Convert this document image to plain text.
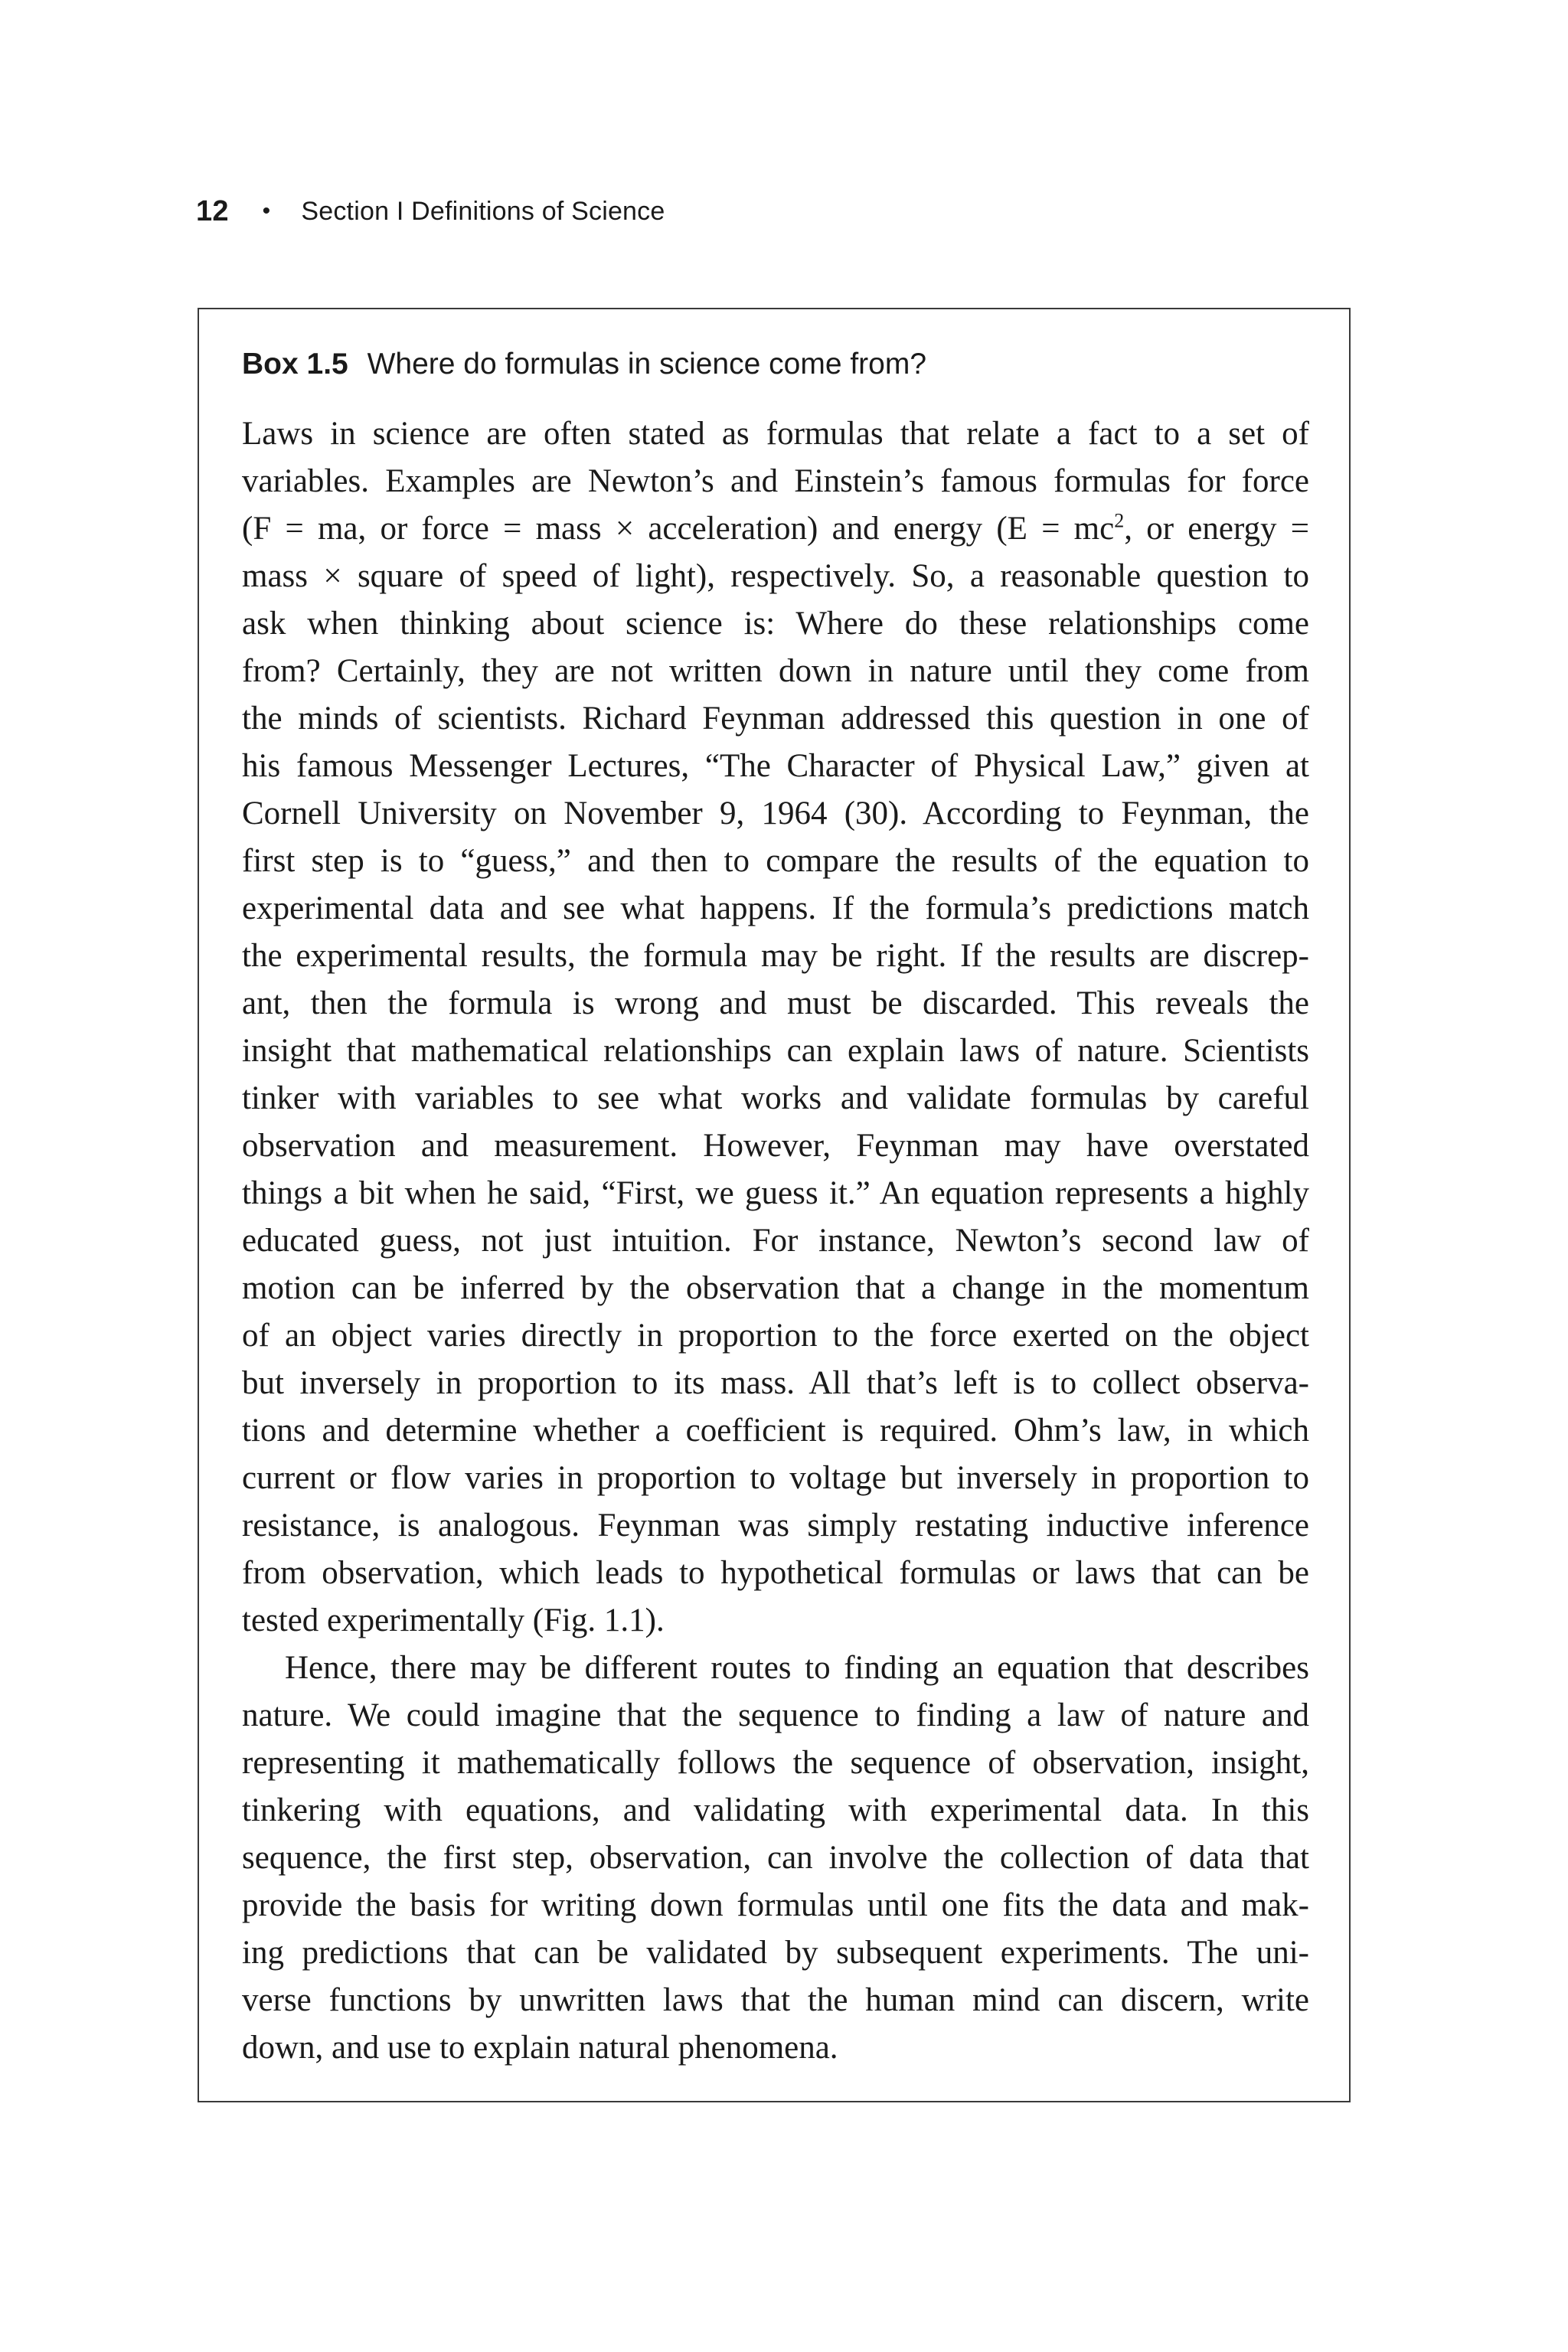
12 • Section I Definitions of Science
Box 1.5 Where do formulas in science come from?
Laws in science are often stated as formulas that relate a fact to a set of
variables. Examples are Newton’s and Einstein’s famous formulas for force
(F = ma, or force = mass × acceleration) and energy ($E = mc^2$, or energy =
mass × square of speed of light), respectively. So, a reasonable question to
ask when thinking about science is: Where do these relationships come
from? Certainly, they are not written down in nature until they come from
the minds of scientists. Richard Feynman addressed this question in one of
his famous Messenger Lectures, “The Character of Physical Law,” given at
Cornell University on November 9, 1964 (30). According to Feynman, the
first step is to “guess,” and then to compare the results of the equation to
experimental data and see what happens. If the formula’s predictions match
the experimental results, the formula may be right. If the results are discrep-
ant, then the formula is wrong and must be discarded. This reveals the
insight that mathematical relationships can explain laws of nature. Scientists
tinker with variables to see what works and validate formulas by careful
observation and measurement. However, Feynman may have overstated
things a bit when he said, “First, we guess it.” An equation represents a highly
educated guess, not just intuition. For instance, Newton’s second law of
motion can be inferred by the observation that a change in the momentum
of an object varies directly in proportion to the force exerted on the object
but inversely in proportion to its mass. All that’s left is to collect observa-
tions and determine whether a coefficient is required. Ohm’s law, in which
current or flow varies in proportion to voltage but inversely in proportion to
resistance, is analogous. Feynman was simply restating inductive inference
from observation, which leads to hypothetical formulas or laws that can be
tested experimentally (Fig. 1.1).
Hence, there may be different routes to finding an equation that describes
nature. We could imagine that the sequence to finding a law of nature and
representing it mathematically follows the sequence of observation, insight,
tinkering with equations, and validating with experimental data. In this
sequence, the first step, observation, can involve the collection of data that
provide the basis for writing down formulas until one fits the data and mak-
ing predictions that can be validated by subsequent experiments. The uni-
verse functions by unwritten laws that the human mind can discern, write
down, and use to explain natural phenomena.
